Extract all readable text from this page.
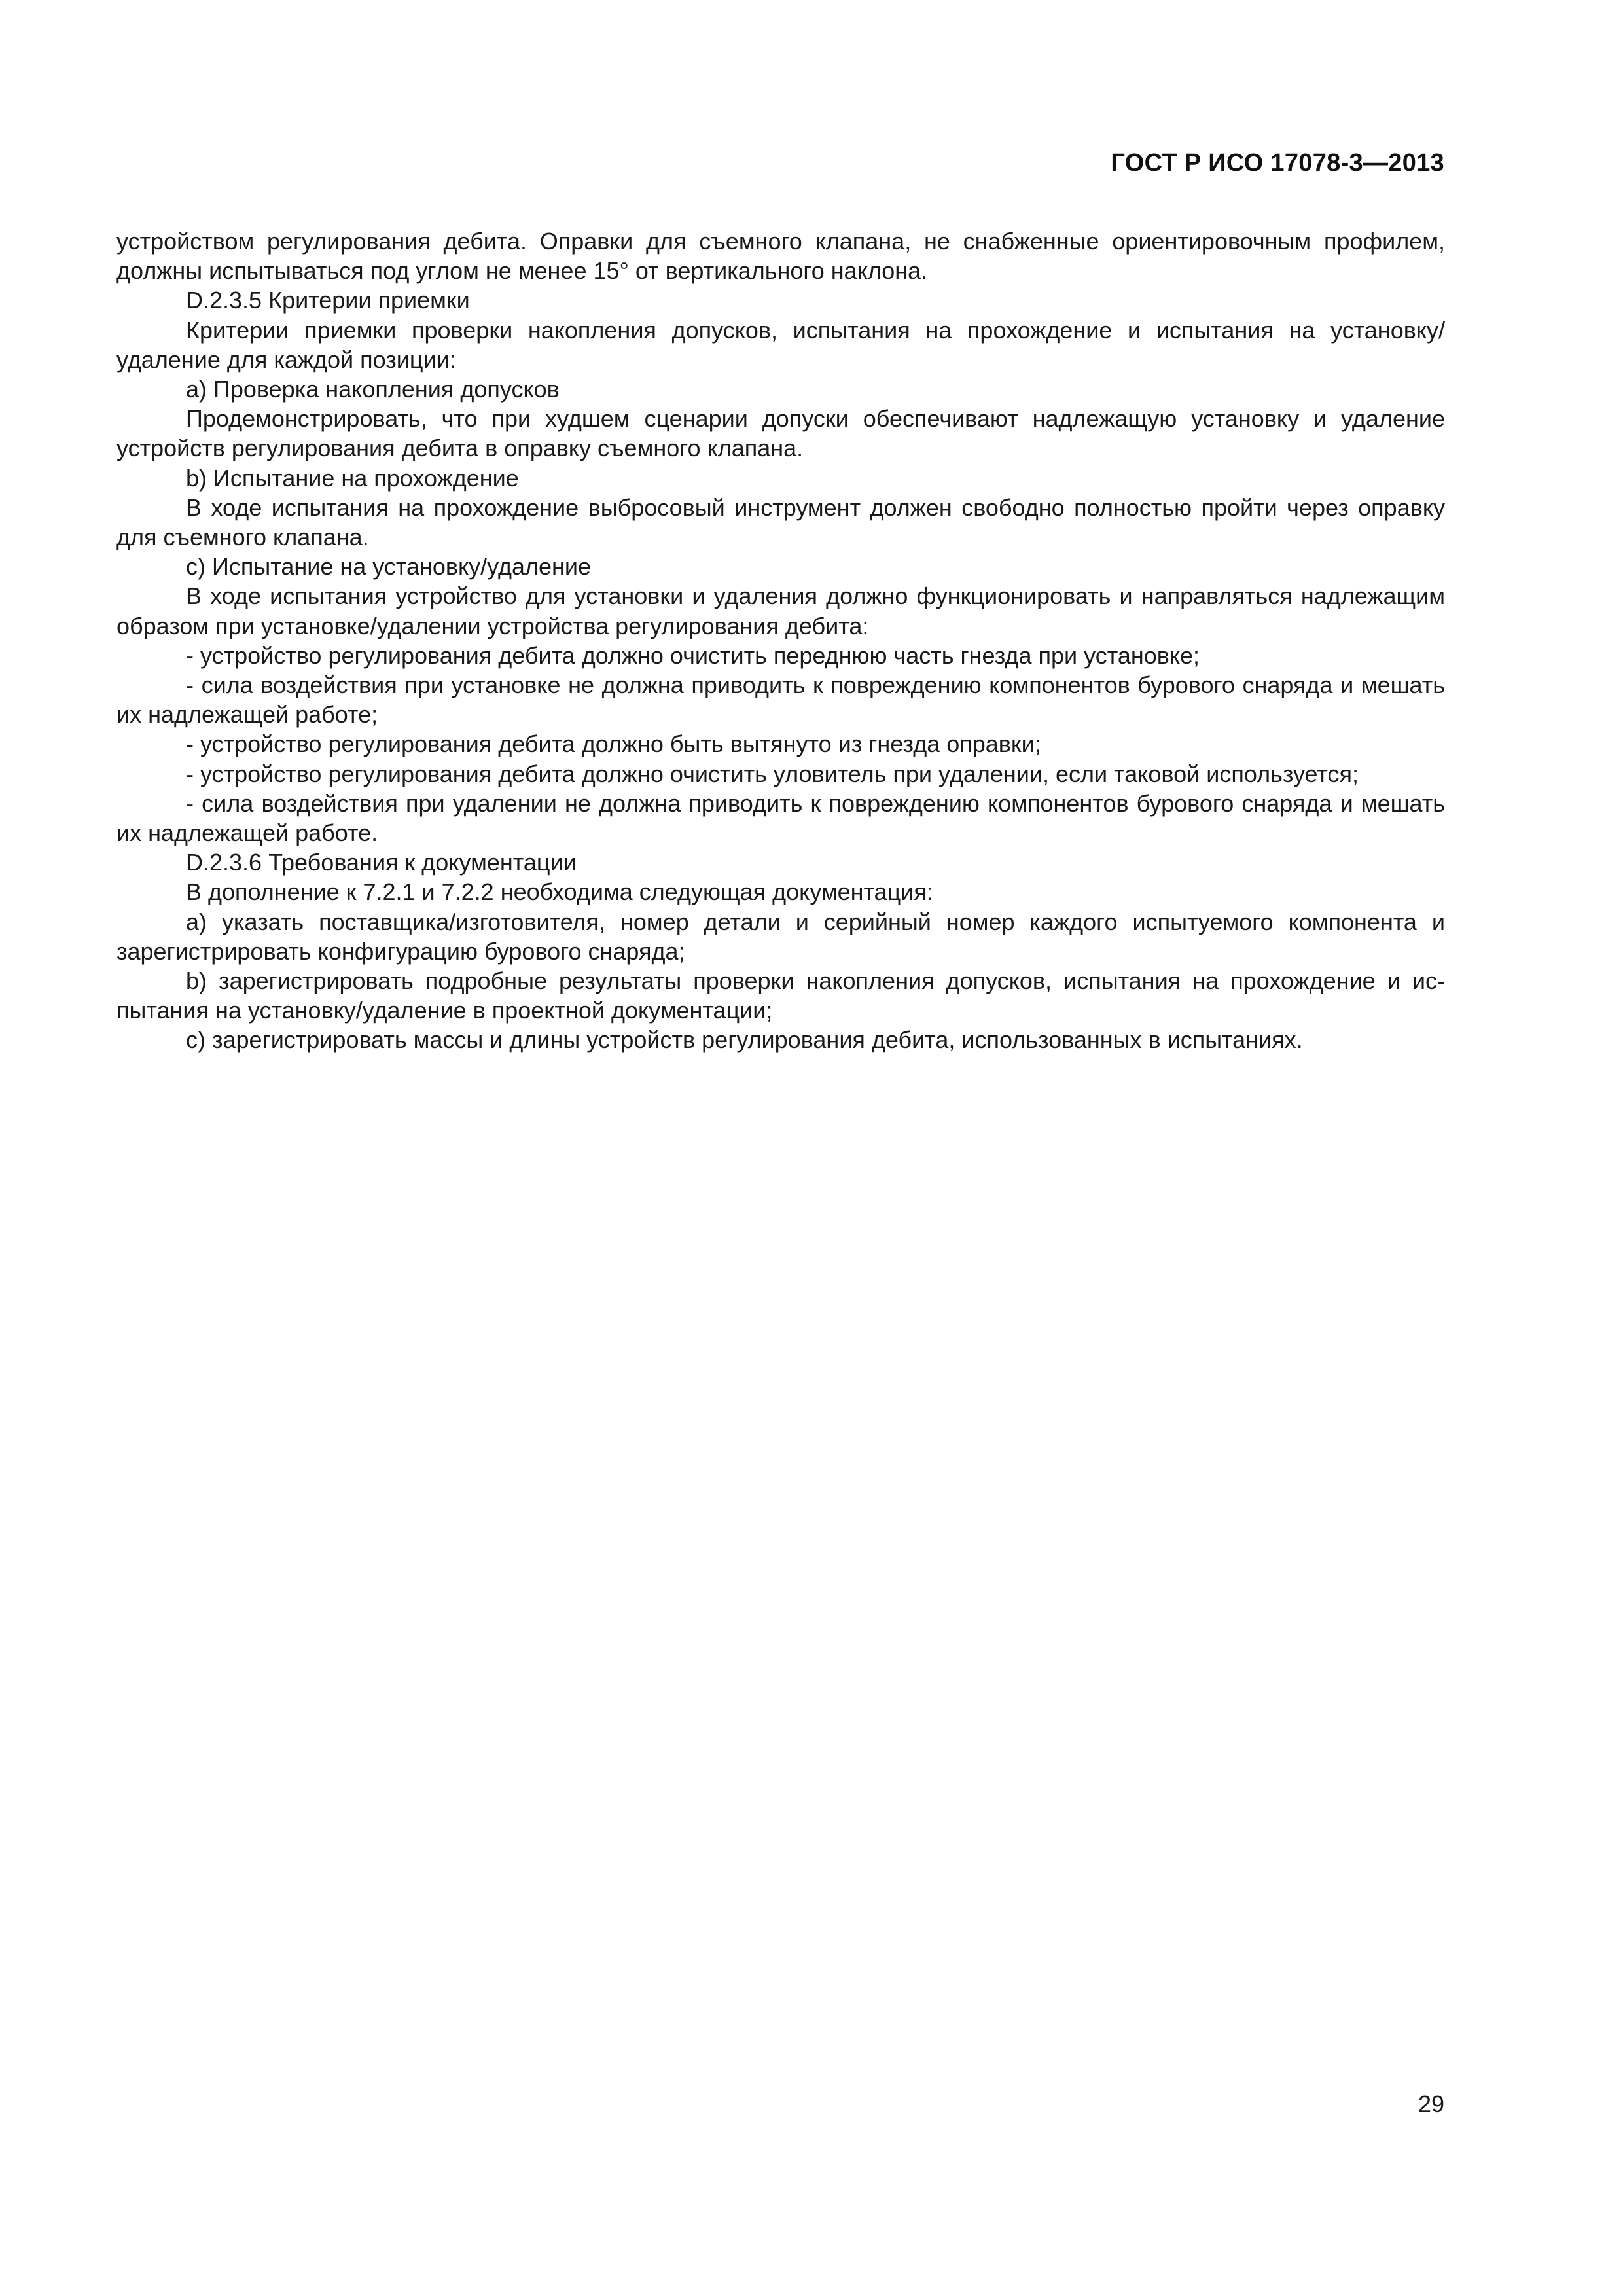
ГОСТ Р ИСО 17078-3—2013

устройством регулирования дебита. Оправки для съемного клапана, не снабженные ориентировочным профилем, должны испытываться под углом не менее 15° от вертикального наклона.

D.2.3.5 Критерии приемки

Критерии приемки проверки накопления допусков, испытания на прохождение и испытания на установку/ удаление для каждой позиции:

a) Проверка накопления допусков

Продемонстрировать, что при худшем сценарии допуски обеспечивают надлежащую установку и удаление устройств регулирования дебита в оправку съемного клапана.

b) Испытание на прохождение

В ходе испытания на прохождение выбросовый инструмент должен свободно полностью пройти через оправку для съемного клапана.

c) Испытание на установку/удаление

В ходе испытания устройство для установки и удаления должно функционировать и направляться надлежащим образом при установке/удалении устройства регулирования дебита:

- устройство регулирования дебита должно очистить переднюю часть гнезда при установке;

- сила воздействия при установке не должна приводить к повреждению компонентов бурового снаряда и мешать их надлежащей работе;

- устройство регулирования дебита должно быть вытянуто из гнезда оправки;

- устройство регулирования дебита должно очистить уловитель при удалении, если таковой используется;

- сила воздействия при удалении не должна приводить к повреждению компонентов бурового снаряда и мешать их надлежащей работе.

D.2.3.6 Требования к документации

В дополнение к 7.2.1 и 7.2.2 необходима следующая документация:

a) указать поставщика/изготовителя, номер детали и серийный номер каждого испытуемого компонента и зарегистрировать конфигурацию бурового снаряда;

b) зарегистрировать подробные результаты проверки накопления допусков, испытания на прохождение и испытания на установку/удаление в проектной документации;

c) зарегистрировать массы и длины устройств регулирования дебита, использованных в испытаниях.

29
